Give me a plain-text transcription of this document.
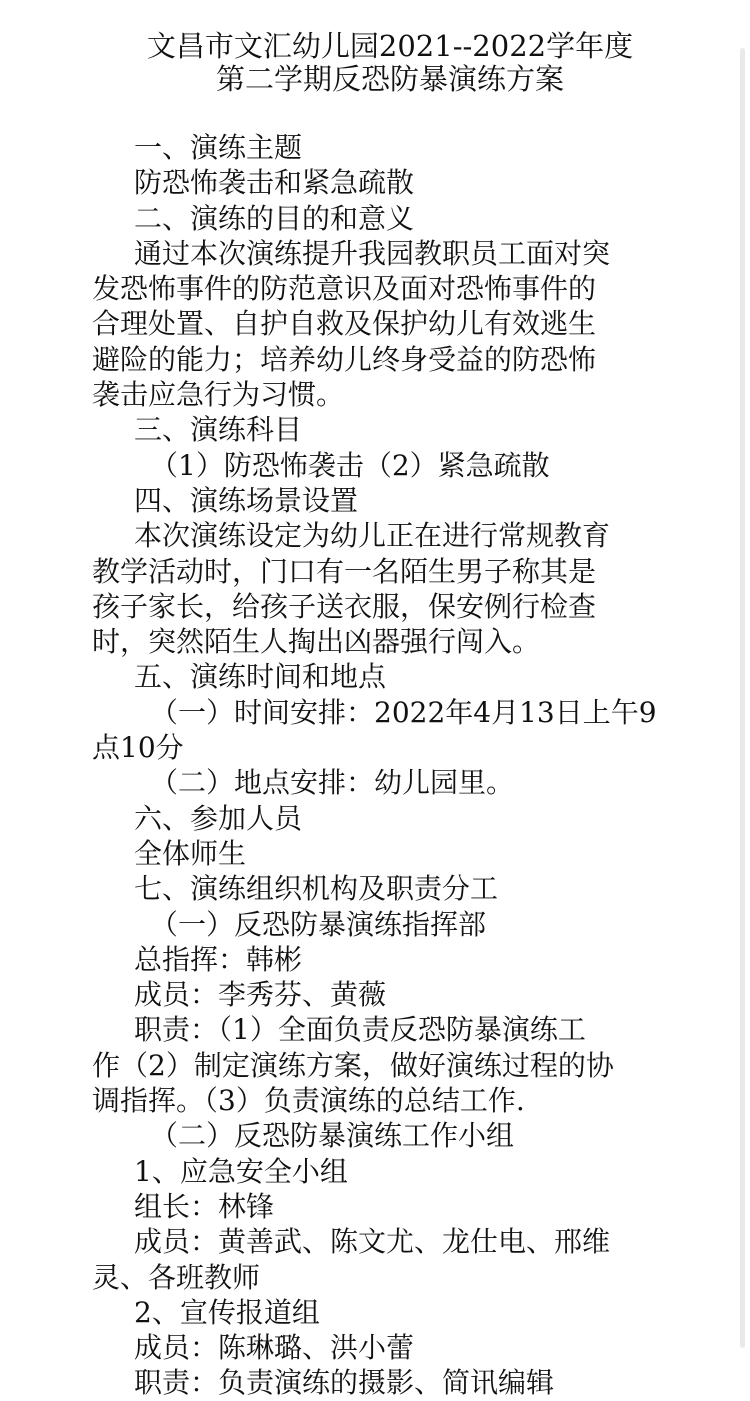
文昌市文汇幼儿园2021--2022学年度
第二学期反恐防暴演练方案
一、演练主题
防恐怖袭击和紧急疏散
二、演练的目的和意义
通过本次演练提升我园教职员工面对突
发恐怖事件的防范意识及面对恐怖事件的
合理处置、自护自救及保护幼儿有效逃生
避险的能力；培养幼儿终身受益的防恐怖
袭击应急行为习惯。
三、演练科目
（1）防恐怖袭击（2）紧急疏散
四、演练场景设置
本次演练设定为幼儿正在进行常规教育
教学活动时，门口有一名陌生男子称其是
孩子家长，给孩子送衣服，保安例行检查
时，突然陌生人掏出凶器强行闯入。
五、演练时间和地点
（一）时间安排：2022年4月13日上午9
点10分
（二）地点安排：幼儿园里。
六、参加人员
全体师生
七、演练组织机构及职责分工
（一）反恐防暴演练指挥部
总指挥：韩彬
成员：李秀芬、黄薇
职责：（1）全面负责反恐防暴演练工
作（2）制定演练方案，做好演练过程的协
调指挥。（3）负责演练的总结工作.
（二）反恐防暴演练工作小组
1、应急安全小组
组长：林锋
成员：黄善武、陈文尤、龙仕电、邢维
灵、各班教师
2、宣传报道组
成员：陈琳璐、洪小蕾
职责：负责演练的摄影、简讯编辑
